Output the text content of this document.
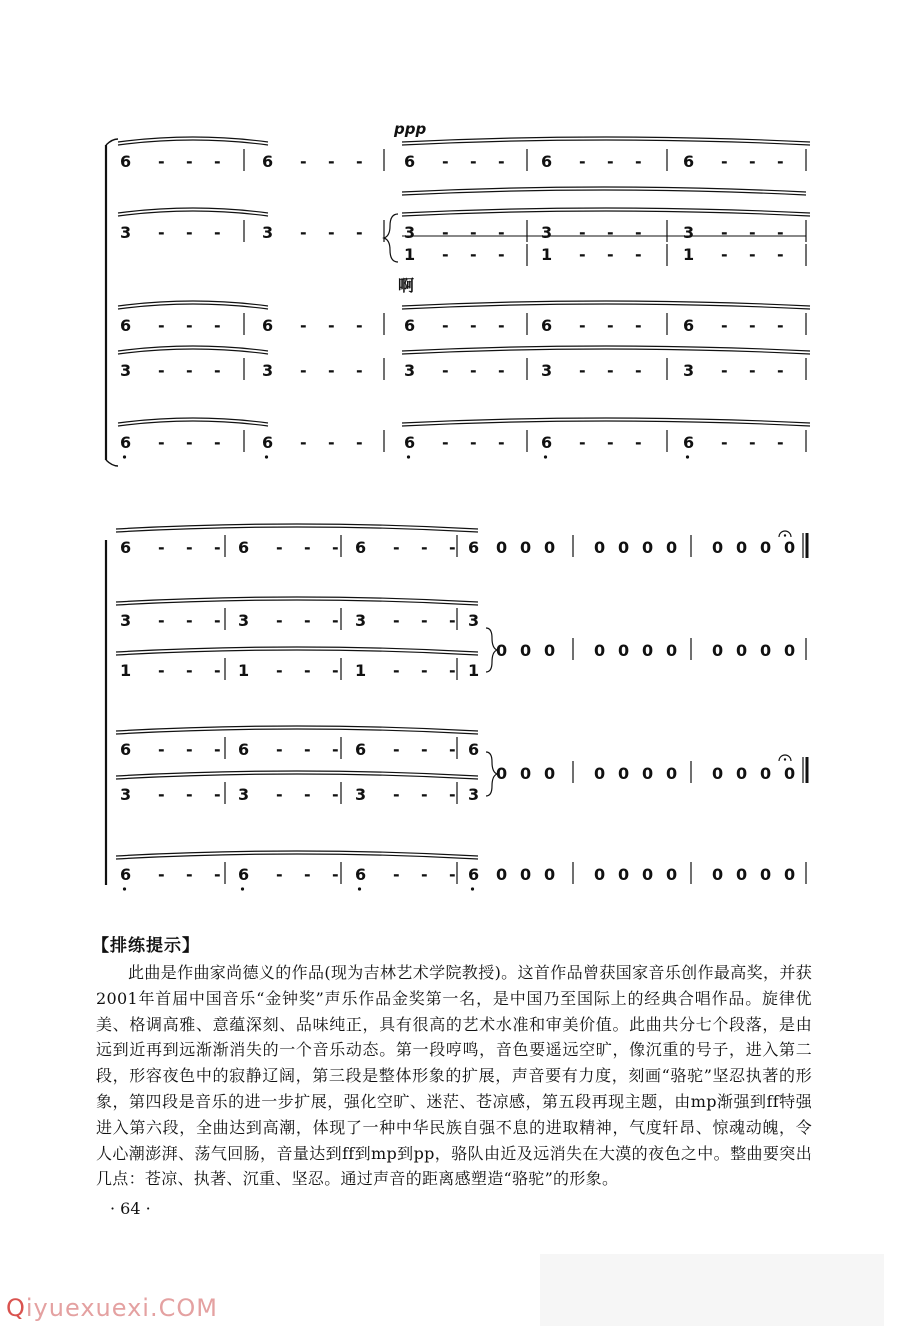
6 - - -	6 - - -	6 - - - 6 - - -	6 - - -
3 - - -	3 - - -	3 - - - 3 - - -	3 - - -
6 - - -	6 - - -	6 - - - 6 - - -	6 - - -
3 - - -	3 - - -	3 - - - 3 - - -	3 - - -
6 - - -	6 - - -	6 - - - 6 - - -	6 - - -
1 - - - 1 - - -	1 - - -
6 - - - 6 - - - 6 - - - 6
3 - - - 3 - - - 3 - - - 3
1 - - - 1 - - - 1 - - - 1
6 - - - 6 - - - 6 - - - 6
3 - - - 3 - - - 3 - - - 3
6 - - - 6 - - - 6 - - - 6
0 0 0 0 0 0 0 0 0 0 0
0 0 0 0 0 0 0 0 0 0 0
0 0 0 0 0 0 0 0 0 0 0
0 0 0 0 0 0 0 0 0 0 0
ppp
啊
【排练提示】

此曲是作曲家尚德义的作品(现为吉林艺术学院教授)。这首作品曾获国家音乐创作最高奖，并获2001年首届中国音乐“金钟奖”声乐作品金奖第一名，是中国乃至国际上的经典合唱作品。旋律优美、格调高雅、意蕴深刻、品味纯正，具有很高的艺术水准和审美价值。此曲共分七个段落，是由远到近再到远渐渐消失的一个音乐动态。第一段哼鸣，音色要遥远空旷，像沉重的号子，进入第二段，形容夜色中的寂静辽阔，第三段是整体形象的扩展，声音要有力度，刻画“骆驼”坚忍执著的形象，第四段是音乐的进一步扩展，强化空旷、迷茫、苍凉感，第五段再现主题，由mp渐强到ff特强进入第六段，全曲达到高潮，体现了一种中华民族自强不息的进取精神，气度轩昂、惊魂动魄，令人心潮澎湃、荡气回肠，音量达到ff到mp到pp，骆队由近及远消失在大漠的夜色之中。整曲要突出几点：苍凉、执著、沉重、坚忍。通过声音的距离感塑造“骆驼”的形象。

· 64 ·
Qiyuexuexi.COM
